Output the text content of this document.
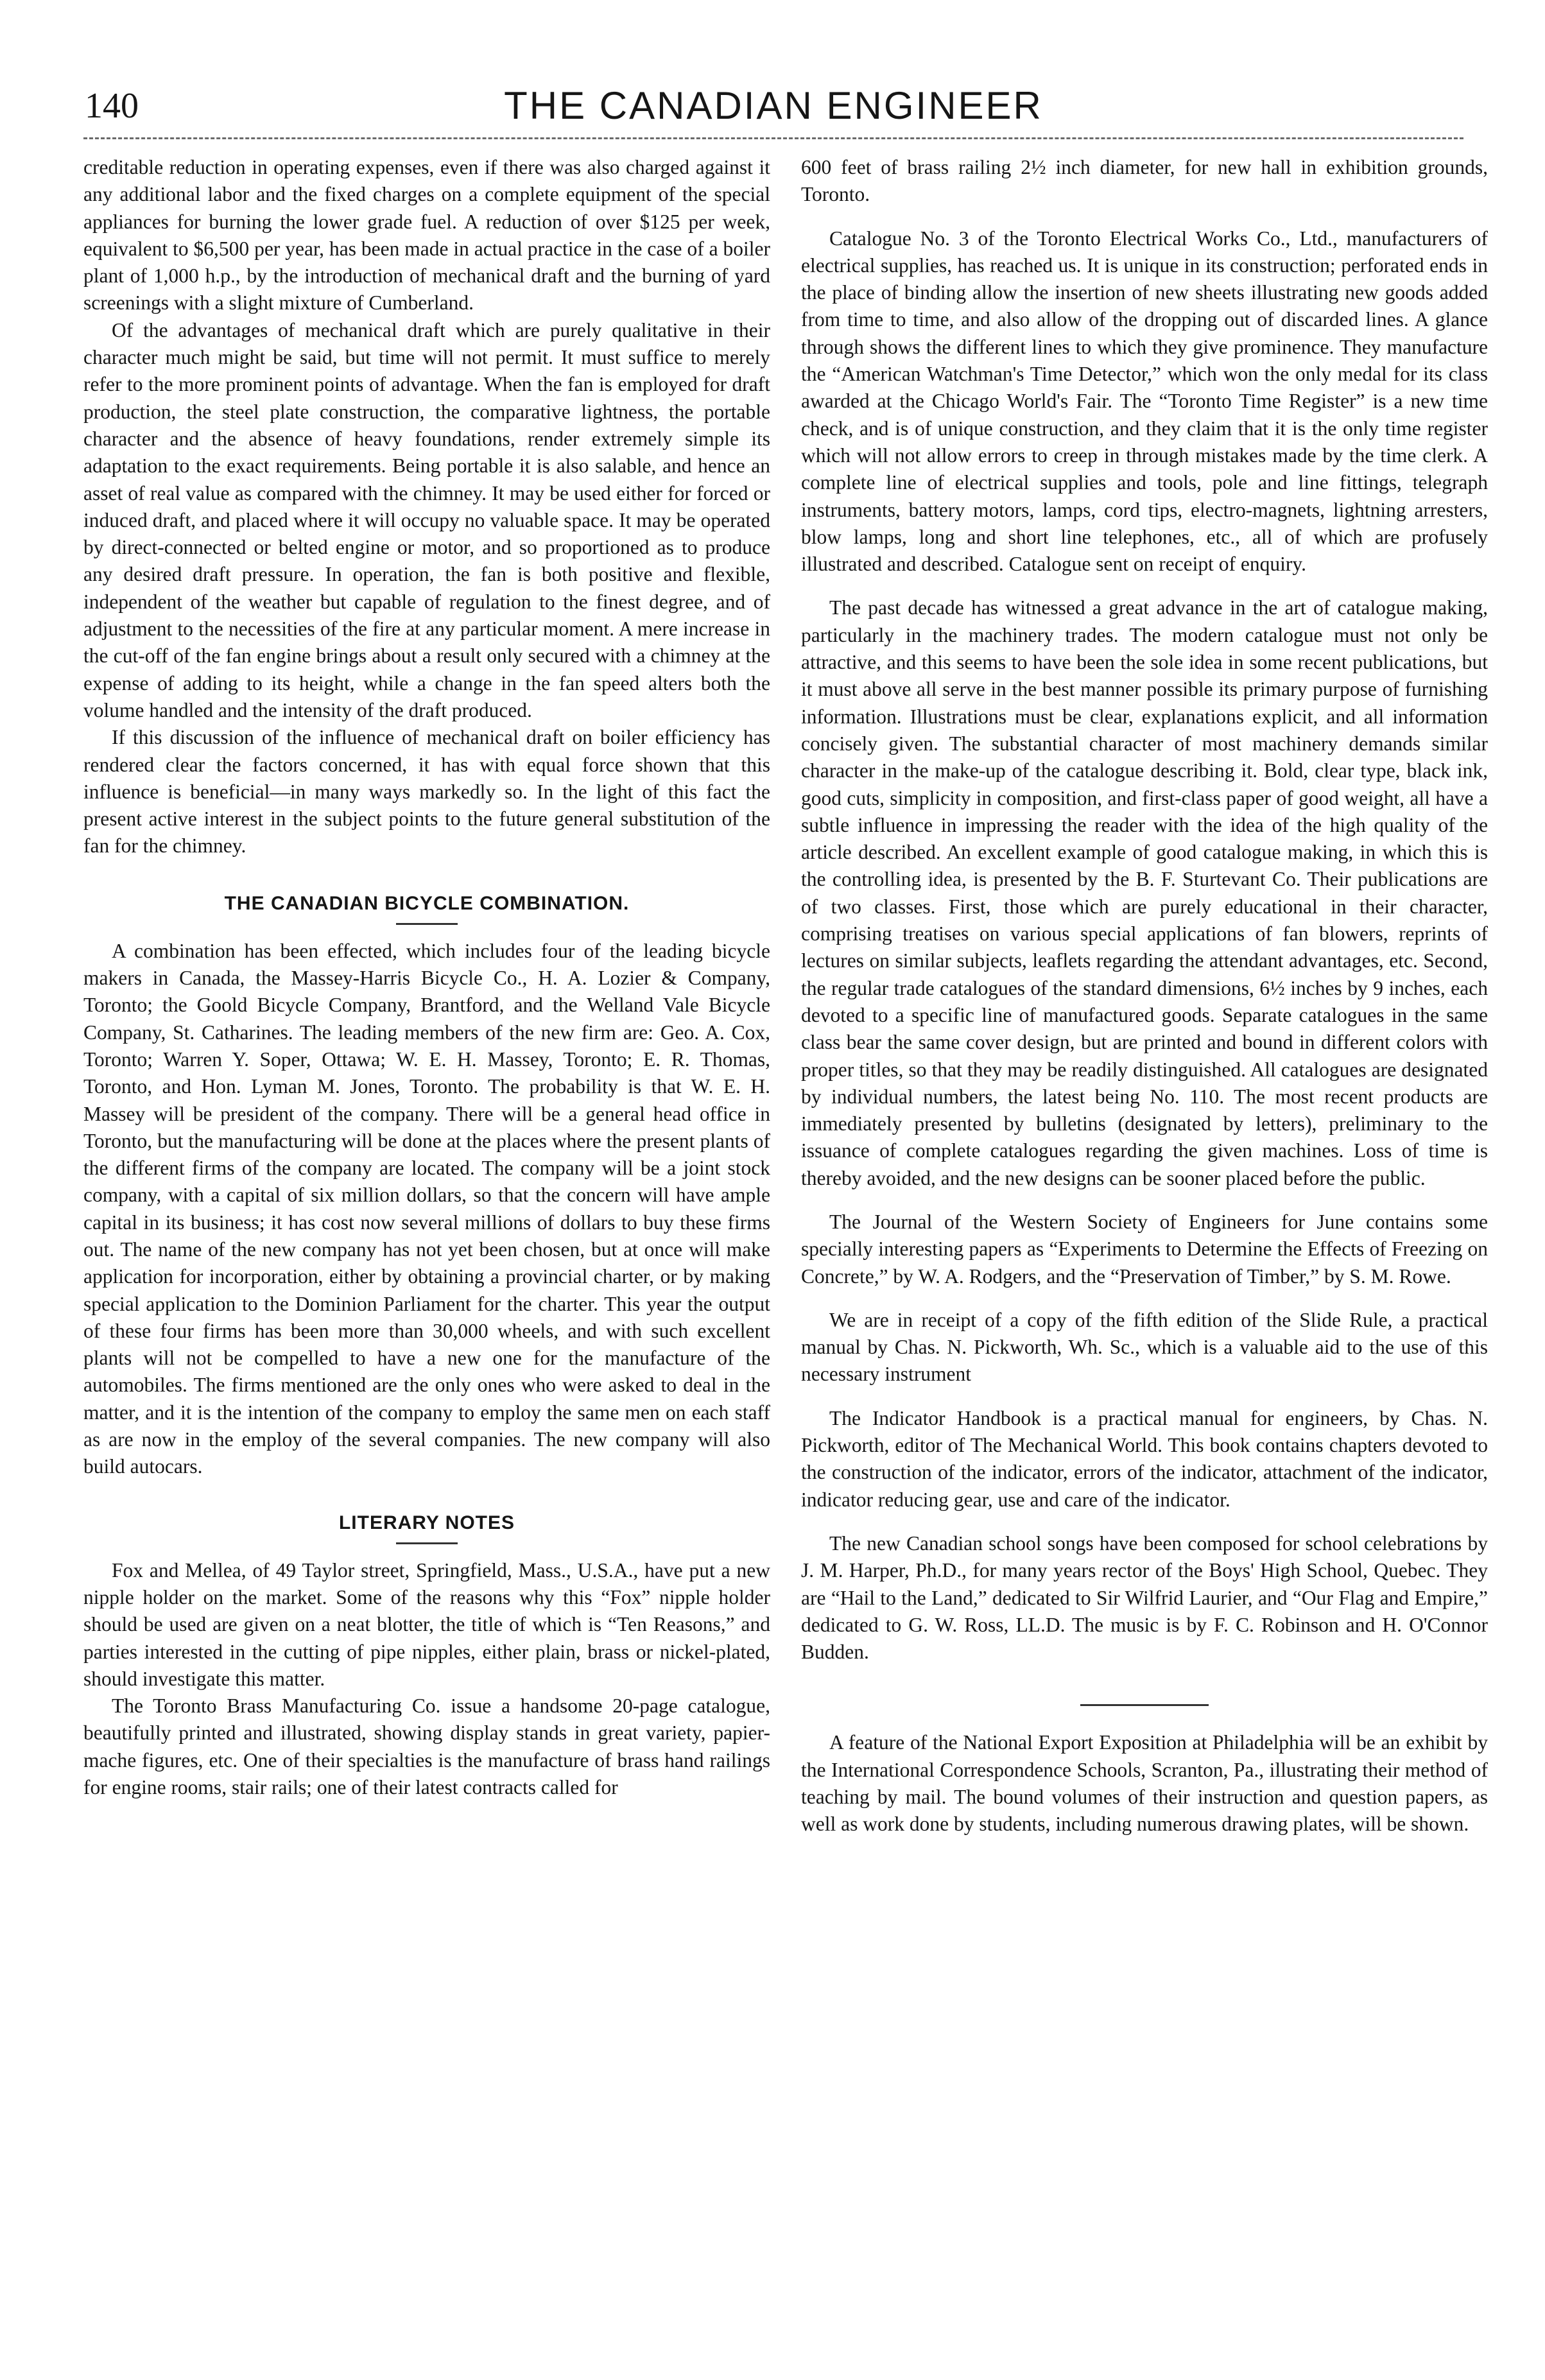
140	THE CANADIAN ENGINEER

creditable reduction in operating expenses, even if there was also charged against it any additional labor and the fixed charges on a complete equipment of the special appliances for burning the lower grade fuel. A reduction of over $125 per week, equivalent to $6,500 per year, has been made in actual practice in the case of a boiler plant of 1,000 h.p., by the introduction of mechanical draft and the burning of yard screenings with a slight mixture of Cumberland.

Of the advantages of mechanical draft which are purely qualitative in their character much might be said, but time will not permit. It must suffice to merely refer to the more prominent points of advantage. When the fan is employed for draft production, the steel plate construction, the comparative lightness, the portable character and the absence of heavy foundations, render extremely simple its adaptation to the exact requirements. Being portable it is also salable, and hence an asset of real value as compared with the chimney. It may be used either for forced or induced draft, and placed where it will occupy no valuable space. It may be operated by direct-connected or belted engine or motor, and so proportioned as to produce any desired draft pressure. In operation, the fan is both positive and flexible, independent of the weather but capable of regulation to the finest degree, and of adjustment to the necessities of the fire at any particular moment. A mere increase in the cut-off of the fan engine brings about a result only secured with a chimney at the expense of adding to its height, while a change in the fan speed alters both the volume handled and the intensity of the draft produced.

If this discussion of the influence of mechanical draft on boiler efficiency has rendered clear the factors concerned, it has with equal force shown that this influence is beneficial—in many ways markedly so. In the light of this fact the present active interest in the subject points to the future general substitution of the fan for the chimney.

THE CANADIAN BICYCLE COMBINATION.

A combination has been effected, which includes four of the leading bicycle makers in Canada, the Massey-Harris Bicycle Co., H. A. Lozier & Company, Toronto; the Goold Bicycle Company, Brantford, and the Welland Vale Bicycle Company, St. Catharines. The leading members of the new firm are: Geo. A. Cox, Toronto; Warren Y. Soper, Ottawa; W. E. H. Massey, Toronto; E. R. Thomas, Toronto, and Hon. Lyman M. Jones, Toronto. The probability is that W. E. H. Massey will be president of the company. There will be a general head office in Toronto, but the manufacturing will be done at the places where the present plants of the different firms of the company are located. The company will be a joint stock company, with a capital of six million dollars, so that the concern will have ample capital in its business; it has cost now several millions of dollars to buy these firms out. The name of the new company has not yet been chosen, but at once will make application for incorporation, either by obtaining a provincial charter, or by making special application to the Dominion Parliament for the charter. This year the output of these four firms has been more than 30,000 wheels, and with such excellent plants will not be compelled to have a new one for the manufacture of the automobiles. The firms mentioned are the only ones who were asked to deal in the matter, and it is the intention of the company to employ the same men on each staff as are now in the employ of the several companies. The new company will also build autocars.

LITERARY NOTES

Fox and Mellea, of 49 Taylor street, Springfield, Mass., U.S.A., have put a new nipple holder on the market. Some of the reasons why this “Fox” nipple holder should be used are given on a neat blotter, the title of which is “Ten Reasons,” and parties interested in the cutting of pipe nipples, either plain, brass or nickel-plated, should investigate this matter.

The Toronto Brass Manufacturing Co. issue a handsome 20-page catalogue, beautifully printed and illustrated, showing display stands in great variety, papier-mache figures, etc. One of their specialties is the manufacture of brass hand railings for engine rooms, stair rails; one of their latest contracts called for

600 feet of brass railing 2½ inch diameter, for new hall in exhibition grounds, Toronto.

Catalogue No. 3 of the Toronto Electrical Works Co., Ltd., manufacturers of electrical supplies, has reached us. It is unique in its construction; perforated ends in the place of binding allow the insertion of new sheets illustrating new goods added from time to time, and also allow of the dropping out of discarded lines. A glance through shows the different lines to which they give prominence. They manufacture the “American Watchman's Time Detector,” which won the only medal for its class awarded at the Chicago World's Fair. The “Toronto Time Register” is a new time check, and is of unique construction, and they claim that it is the only time register which will not allow errors to creep in through mistakes made by the time clerk. A complete line of electrical supplies and tools, pole and line fittings, telegraph instruments, battery motors, lamps, cord tips, electro-magnets, lightning arresters, blow lamps, long and short line telephones, etc., all of which are profusely illustrated and described. Catalogue sent on receipt of enquiry.

The past decade has witnessed a great advance in the art of catalogue making, particularly in the machinery trades. The modern catalogue must not only be attractive, and this seems to have been the sole idea in some recent publications, but it must above all serve in the best manner possible its primary purpose of furnishing information. Illustrations must be clear, explanations explicit, and all information concisely given. The substantial character of most machinery demands similar character in the make-up of the catalogue describing it. Bold, clear type, black ink, good cuts, simplicity in composition, and first-class paper of good weight, all have a subtle influence in impressing the reader with the idea of the high quality of the article described. An excellent example of good catalogue making, in which this is the controlling idea, is presented by the B. F. Sturtevant Co. Their publications are of two classes. First, those which are purely educational in their character, comprising treatises on various special applications of fan blowers, reprints of lectures on similar subjects, leaflets regarding the attendant advantages, etc. Second, the regular trade catalogues of the standard dimensions, 6½ inches by 9 inches, each devoted to a specific line of manufactured goods. Separate catalogues in the same class bear the same cover design, but are printed and bound in different colors with proper titles, so that they may be readily distinguished. All catalogues are designated by individual numbers, the latest being No. 110. The most recent products are immediately presented by bulletins (designated by letters), preliminary to the issuance of complete catalogues regarding the given machines. Loss of time is thereby avoided, and the new designs can be sooner placed before the public.

The Journal of the Western Society of Engineers for June contains some specially interesting papers as “Experiments to Determine the Effects of Freezing on Concrete,” by W. A. Rodgers, and the “Preservation of Timber,” by S. M. Rowe.

We are in receipt of a copy of the fifth edition of the Slide Rule, a practical manual by Chas. N. Pickworth, Wh. Sc., which is a valuable aid to the use of this necessary instrument

The Indicator Handbook is a practical manual for engineers, by Chas. N. Pickworth, editor of The Mechanical World. This book contains chapters devoted to the construction of the indicator, errors of the indicator, attachment of the indicator, indicator reducing gear, use and care of the indicator.

The new Canadian school songs have been composed for school celebrations by J. M. Harper, Ph.D., for many years rector of the Boys' High School, Quebec. They are “Hail to the Land,” dedicated to Sir Wilfrid Laurier, and “Our Flag and Empire,” dedicated to G. W. Ross, LL.D. The music is by F. C. Robinson and H. O'Connor Budden.

A feature of the National Export Exposition at Philadelphia will be an exhibit by the International Correspondence Schools, Scranton, Pa., illustrating their method of teaching by mail. The bound volumes of their instruction and question papers, as well as work done by students, including numerous drawing plates, will be shown.
